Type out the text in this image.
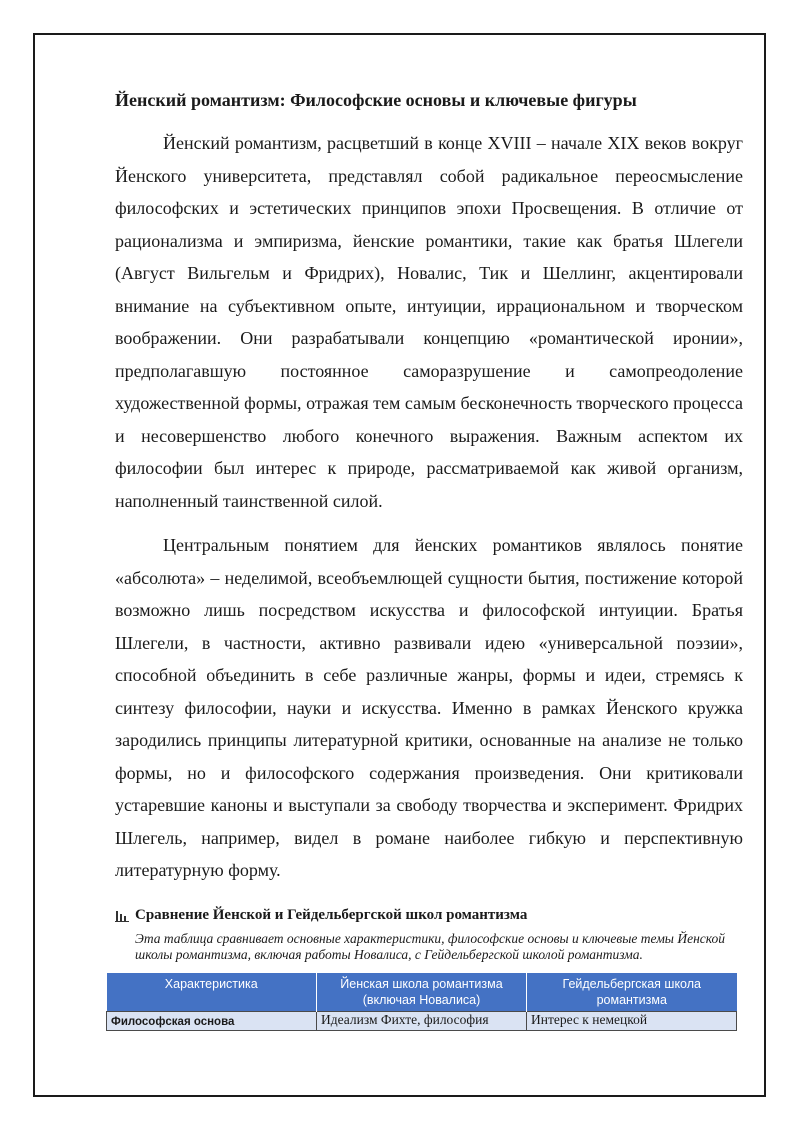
Йенский романтизм: Философские основы и ключевые фигуры

Йенский романтизм, расцветший в конце XVIII – начале XIX веков вокруг Йенского университета, представлял собой радикальное переосмысление философских и эстетических принципов эпохи Просвещения. В отличие от рационализма и эмпиризма, йенские романтики, такие как братья Шлегели (Август Вильгельм и Фридрих), Новалис, Тик и Шеллинг, акцентировали внимание на субъективном опыте, интуиции, иррациональном и творческом воображении. Они разрабатывали концепцию «романтической иронии», предполагавшую постоянное саморазрушение и самопреодоление художественной формы, отражая тем самым бесконечность творческого процесса и несовершенство любого конечного выражения. Важным аспектом их философии был интерес к природе, рассматриваемой как живой организм, наполненный таинственной силой.

Центральным понятием для йенских романтиков являлось понятие «абсолюта» – неделимой, всеобъемлющей сущности бытия, постижение которой возможно лишь посредством искусства и философской интуиции. Братья Шлегели, в частности, активно развивали идею «универсальной поэзии», способной объединить в себе различные жанры, формы и идеи, стремясь к синтезу философии, науки и искусства. Именно в рамках Йенского кружка зародились принципы литературной критики, основанные на анализе не только формы, но и философского содержания произведения. Они критиковали устаревшие каноны и выступали за свободу творчества и эксперимент. Фридрих Шлегель, например, видел в романе наиболее гибкую и перспективную литературную форму.

Сравнение Йенской и Гейдельбергской школ романтизма
Эта таблица сравнивает основные характеристики, философские основы и ключевые темы Йенской школы романтизма, включая работы Новалиса, с Гейдельбергской школой романтизма.
Характеристика	Йенская школа романтизма (включая Новалиса)	Гейдельбергская школа романтизма
Философская основа	Идеализм Фихте, философия	Интерес к немецкой
